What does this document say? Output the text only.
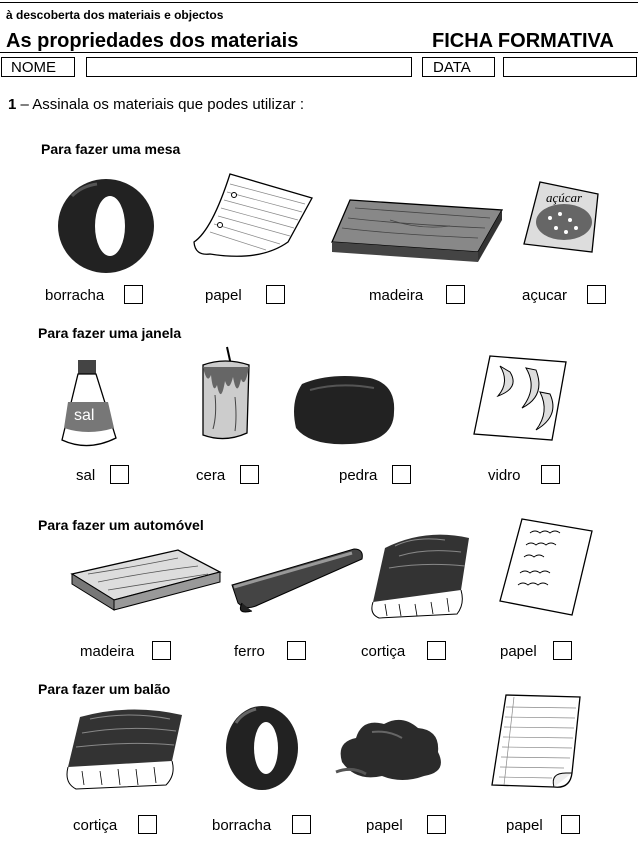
à descoberta dos materiais e objectos
As propriedades dos materiais	FICHA FORMATIVA
NOME	DATA
1 – Assinala os materiais que podes utilizar :
Para fazer uma mesa
Para fazer uma janela
Para fazer um automóvel
Para fazer um balão
açúcar
borracha	papel	madeira	açucar
sal
sal	cera	pedra	vidro
madeira	ferro	cortiça	papel
cortiça	borracha	papel	papel
